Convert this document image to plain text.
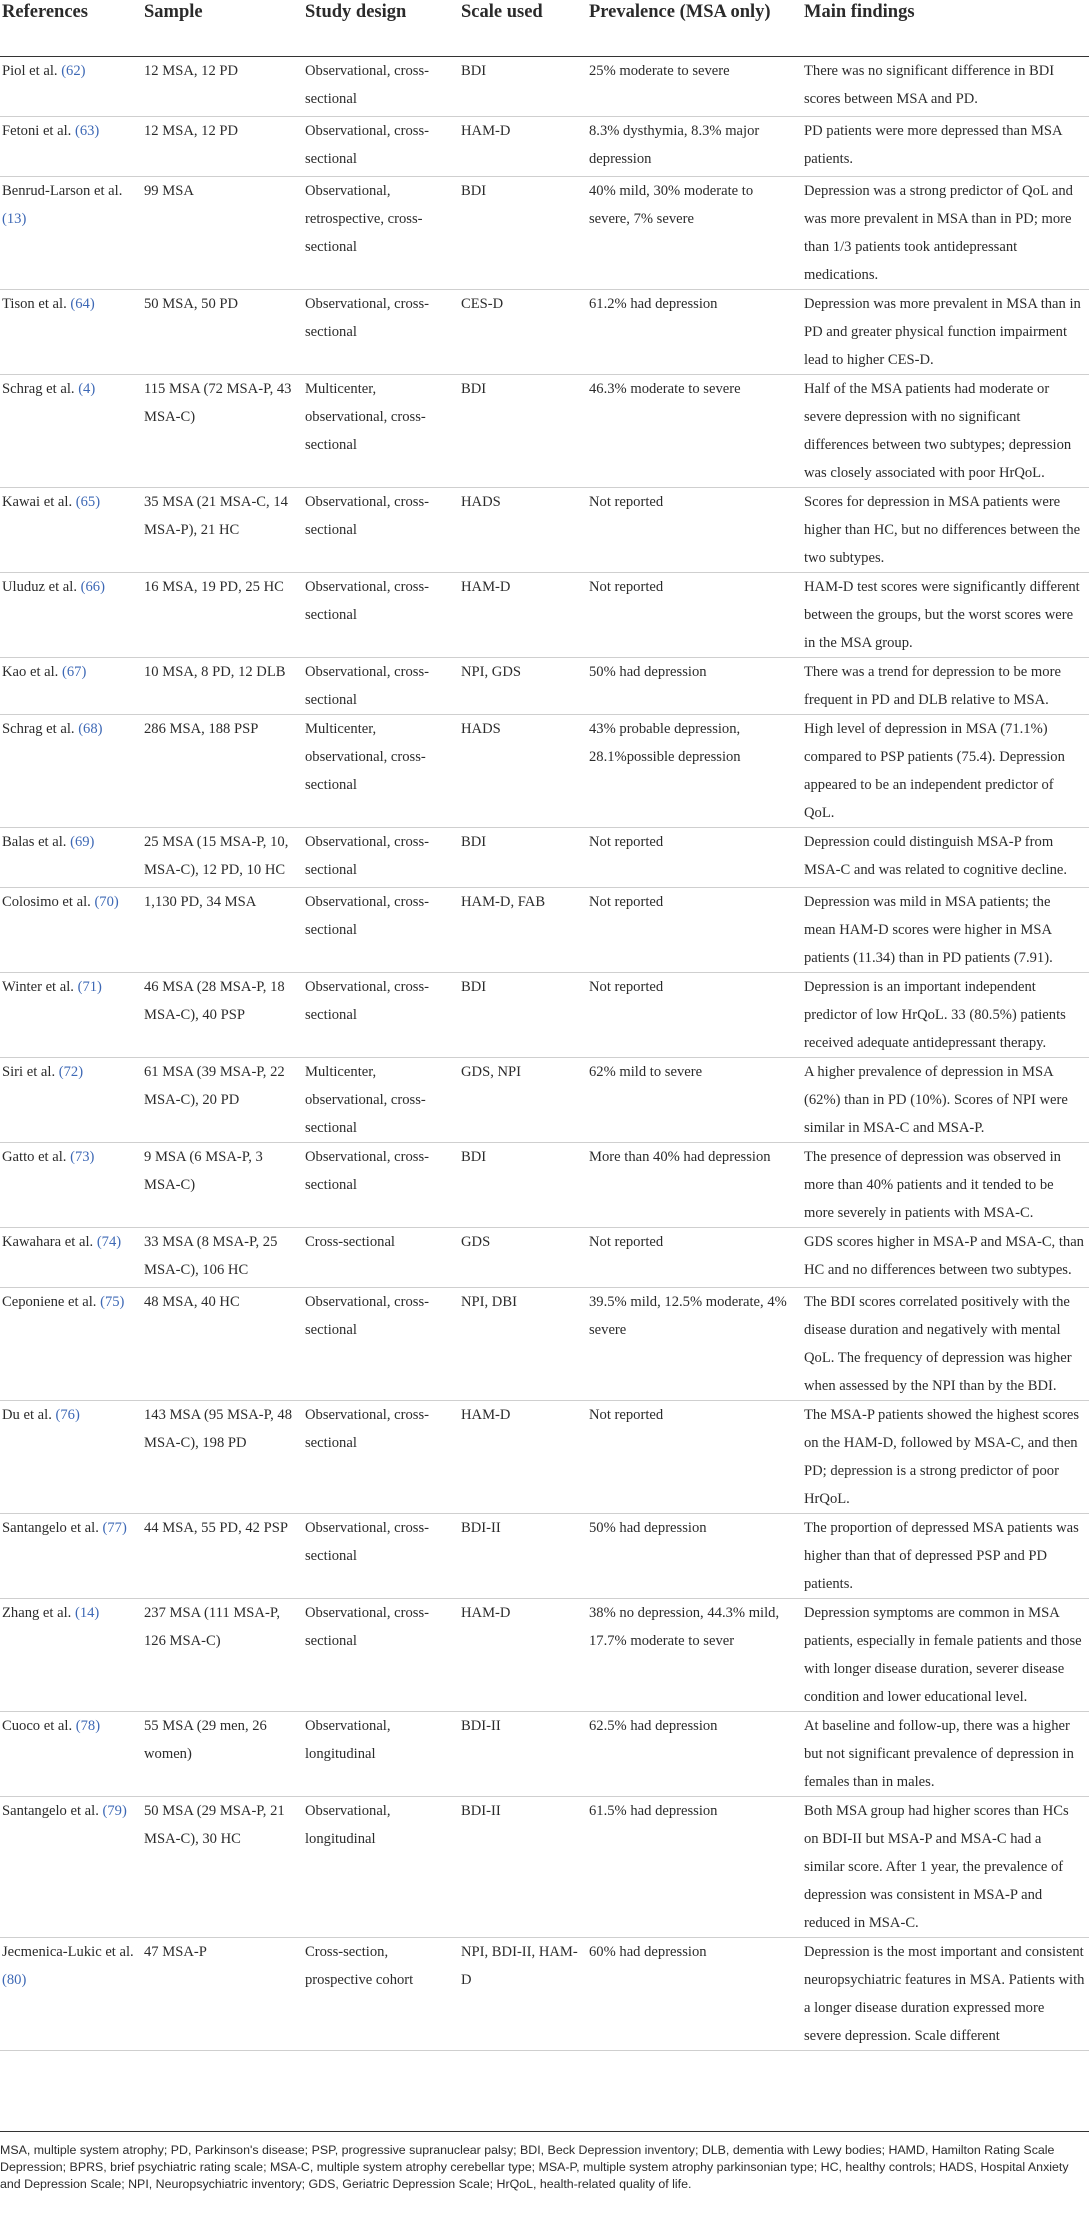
References	Sample	Study design	Scale used	Prevalence (MSA only)	Main findings
Piol et al. (62)	12 MSA, 12 PD	Observational, cross-sectional	BDI	25% moderate to severe	There was no significant difference in BDI scores between MSA and PD.
Fetoni et al. (63)	12 MSA, 12 PD	Observational, cross-sectional	HAM-D	8.3% dysthymia, 8.3% major depression	PD patients were more depressed than MSA patients.
Benrud-Larson et al. (13)	99 MSA	Observational, retrospective, cross-sectional	BDI	40% mild, 30% moderate to severe, 7% severe	Depression was a strong predictor of QoL and was more prevalent in MSA than in PD; more than 1/3 patients took antidepressant medications.
Tison et al. (64)	50 MSA, 50 PD	Observational, cross-sectional	CES-D	61.2% had depression	Depression was more prevalent in MSA than in PD and greater physical function impairment lead to higher CES-D.
Schrag et al. (4)	115 MSA (72 MSA-P, 43 MSA-C)	Multicenter, observational, cross-sectional	BDI	46.3% moderate to severe	Half of the MSA patients had moderate or severe depression with no significant differences between two subtypes; depression was closely associated with poor HrQoL.
Kawai et al. (65)	35 MSA (21 MSA-C, 14 MSA-P), 21 HC	Observational, cross-sectional	HADS	Not reported	Scores for depression in MSA patients were higher than HC, but no differences between the two subtypes.
Uluduz et al. (66)	16 MSA, 19 PD, 25 HC	Observational, cross-sectional	HAM-D	Not reported	HAM-D test scores were significantly different between the groups, but the worst scores were in the MSA group.
Kao et al. (67)	10 MSA, 8 PD, 12 DLB	Observational, cross-sectional	NPI, GDS	50% had depression	There was a trend for depression to be more frequent in PD and DLB relative to MSA.
Schrag et al. (68)	286 MSA, 188 PSP	Multicenter, observational, cross-sectional	HADS	43% probable depression, 28.1%possible depression	High level of depression in MSA (71.1%) compared to PSP patients (75.4). Depression appeared to be an independent predictor of QoL.
Balas et al. (69)	25 MSA (15 MSA-P, 10, MSA-C), 12 PD, 10 HC	Observational, cross-sectional	BDI	Not reported	Depression could distinguish MSA-P from MSA-C and was related to cognitive decline.
Colosimo et al. (70)	1,130 PD, 34 MSA	Observational, cross-sectional	HAM-D, FAB	Not reported	Depression was mild in MSA patients; the mean HAM-D scores were higher in MSA patients (11.34) than in PD patients (7.91).
Winter et al. (71)	46 MSA (28 MSA-P, 18 MSA-C), 40 PSP	Observational, cross-sectional	BDI	Not reported	Depression is an important independent predictor of low HrQoL. 33 (80.5%) patients received adequate antidepressant therapy.
Siri et al. (72)	61 MSA (39 MSA-P, 22 MSA-C), 20 PD	Multicenter, observational, cross-sectional	GDS, NPI	62% mild to severe	A higher prevalence of depression in MSA (62%) than in PD (10%). Scores of NPI were similar in MSA-C and MSA-P.
Gatto et al. (73)	9 MSA (6 MSA-P, 3 MSA-C)	Observational, cross-sectional	BDI	More than 40% had depression	The presence of depression was observed in more than 40% patients and it tended to be more severely in patients with MSA-C.
Kawahara et al. (74)	33 MSA (8 MSA-P, 25 MSA-C), 106 HC	Cross-sectional	GDS	Not reported	GDS scores higher in MSA-P and MSA-C, than HC and no differences between two subtypes.
Ceponiene et al. (75)	48 MSA, 40 HC	Observational, cross-sectional	NPI, DBI	39.5% mild, 12.5% moderate, 4% severe	The BDI scores correlated positively with the disease duration and negatively with mental QoL. The frequency of depression was higher when assessed by the NPI than by the BDI.
Du et al. (76)	143 MSA (95 MSA-P, 48 MSA-C), 198 PD	Observational, cross-sectional	HAM-D	Not reported	The MSA-P patients showed the highest scores on the HAM-D, followed by MSA-C, and then PD; depression is a strong predictor of poor HrQoL.
Santangelo et al. (77)	44 MSA, 55 PD, 42 PSP	Observational, cross-sectional	BDI-II	50% had depression	The proportion of depressed MSA patients was higher than that of depressed PSP and PD patients.
Zhang et al. (14)	237 MSA (111 MSA-P, 126 MSA-C)	Observational, cross-sectional	HAM-D	38% no depression, 44.3% mild, 17.7% moderate to sever	Depression symptoms are common in MSA patients, especially in female patients and those with longer disease duration, severer disease condition and lower educational level.
Cuoco et al. (78)	55 MSA (29 men, 26 women)	Observational, longitudinal	BDI-II	62.5% had depression	At baseline and follow-up, there was a higher but not significant prevalence of depression in females than in males.
Santangelo et al. (79)	50 MSA (29 MSA-P, 21 MSA-C), 30 HC	Observational, longitudinal	BDI-II	61.5% had depression	Both MSA group had higher scores than HCs on BDI-II but MSA-P and MSA-C had a similar score. After 1 year, the prevalence of depression was consistent in MSA-P and reduced in MSA-C.
Jecmenica-Lukic et al. (80)	47 MSA-P	Cross-section, prospective cohort	NPI, BDI-II, HAM-D	60% had depression	Depression is the most important and consistent neuropsychiatric features in MSA. Patients with a longer disease duration expressed more severe depression. Scale different
MSA, multiple system atrophy; PD, Parkinson's disease; PSP, progressive supranuclear palsy; BDI, Beck Depression inventory; DLB, dementia with Lewy bodies; HAMD, Hamilton Rating Scale Depression; BPRS, brief psychiatric rating scale; MSA-C, multiple system atrophy cerebellar type; MSA-P, multiple system atrophy parkinsonian type; HC, healthy controls; HADS, Hospital Anxiety and Depression Scale; NPI, Neuropsychiatric inventory; GDS, Geriatric Depression Scale; HrQoL, health-related quality of life.
